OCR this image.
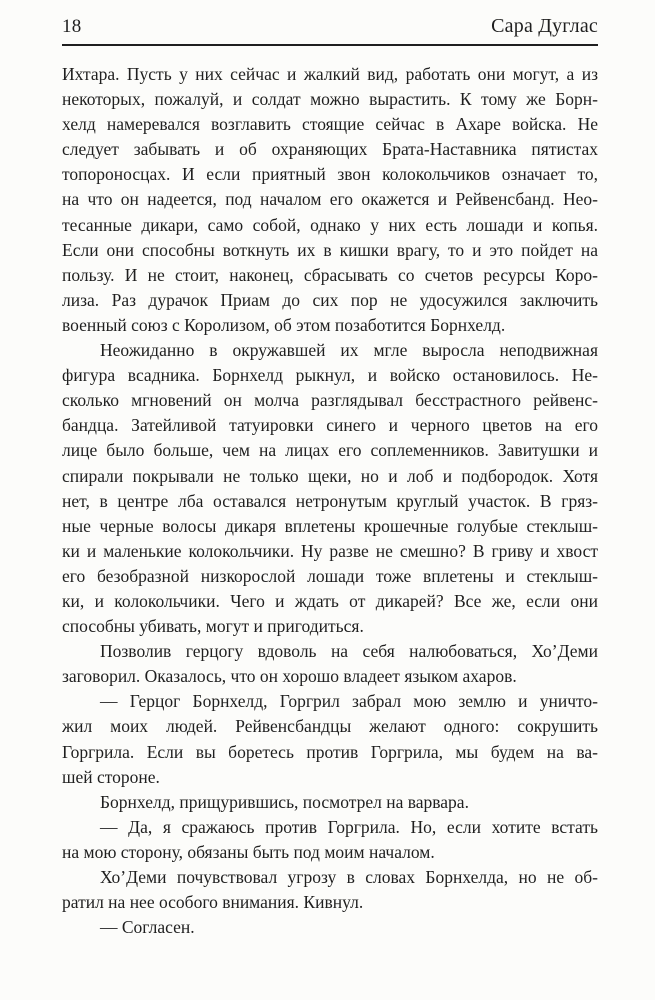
18	Сара Дуглас
Ихтара. Пусть у них сейчас и жалкий вид, работать они могут, а из
некоторых, пожалуй, и солдат можно вырастить. К тому же Борн-
хелд намеревался возглавить стоящие сейчас в Ахаре войска. Не
следует забывать и об охраняющих Брата-Наставника пятистах
топороносцах. И если приятный звон колокольчиков означает то,
на что он надеется, под началом его окажется и Рейвенсбанд. Нео-
тесанные дикари, само собой, однако у них есть лошади и копья.
Если они способны воткнуть их в кишки врагу, то и это пойдет на
пользу. И не стоит, наконец, сбрасывать со счетов ресурсы Коро-
лиза. Раз дурачок Приам до сих пор не удосужился заключить
военный союз с Королизом, об этом позаботится Борнхелд.
Неожиданно в окружавшей их мгле выросла неподвижная
фигура всадника. Борнхелд рыкнул, и войско остановилось. Не-
сколько мгновений он молча разглядывал бесстрастного рейвенс-
бандца. Затейливой татуировки синего и черного цветов на его
лице было больше, чем на лицах его соплеменников. Завитушки и
спирали покрывали не только щеки, но и лоб и подбородок. Хотя
нет, в центре лба оставался нетронутым круглый участок. В гряз-
ные черные волосы дикаря вплетены крошечные голубые стеклыш-
ки и маленькие колокольчики. Ну разве не смешно? В гриву и хвост
его безобразной низкорослой лошади тоже вплетены и стеклыш-
ки, и колокольчики. Чего и ждать от дикарей? Все же, если они
способны убивать, могут и пригодиться.
Позволив герцогу вдоволь на себя налюбоваться, Хо’Деми
заговорил. Оказалось, что он хорошо владеет языком ахаров.
— Герцог Борнхелд, Горгрил забрал мою землю и уничто-
жил моих людей. Рейвенсбандцы желают одного: сокрушить
Горгрила. Если вы боретесь против Горгрила, мы будем на ва-
шей стороне.
Борнхелд, прищурившись, посмотрел на варвара.
— Да, я сражаюсь против Горгрила. Но, если хотите встать
на мою сторону, обязаны быть под моим началом.
Хо’Деми почувствовал угрозу в словах Борнхелда, но не об-
ратил на нее особого внимания. Кивнул.
— Согласен.
